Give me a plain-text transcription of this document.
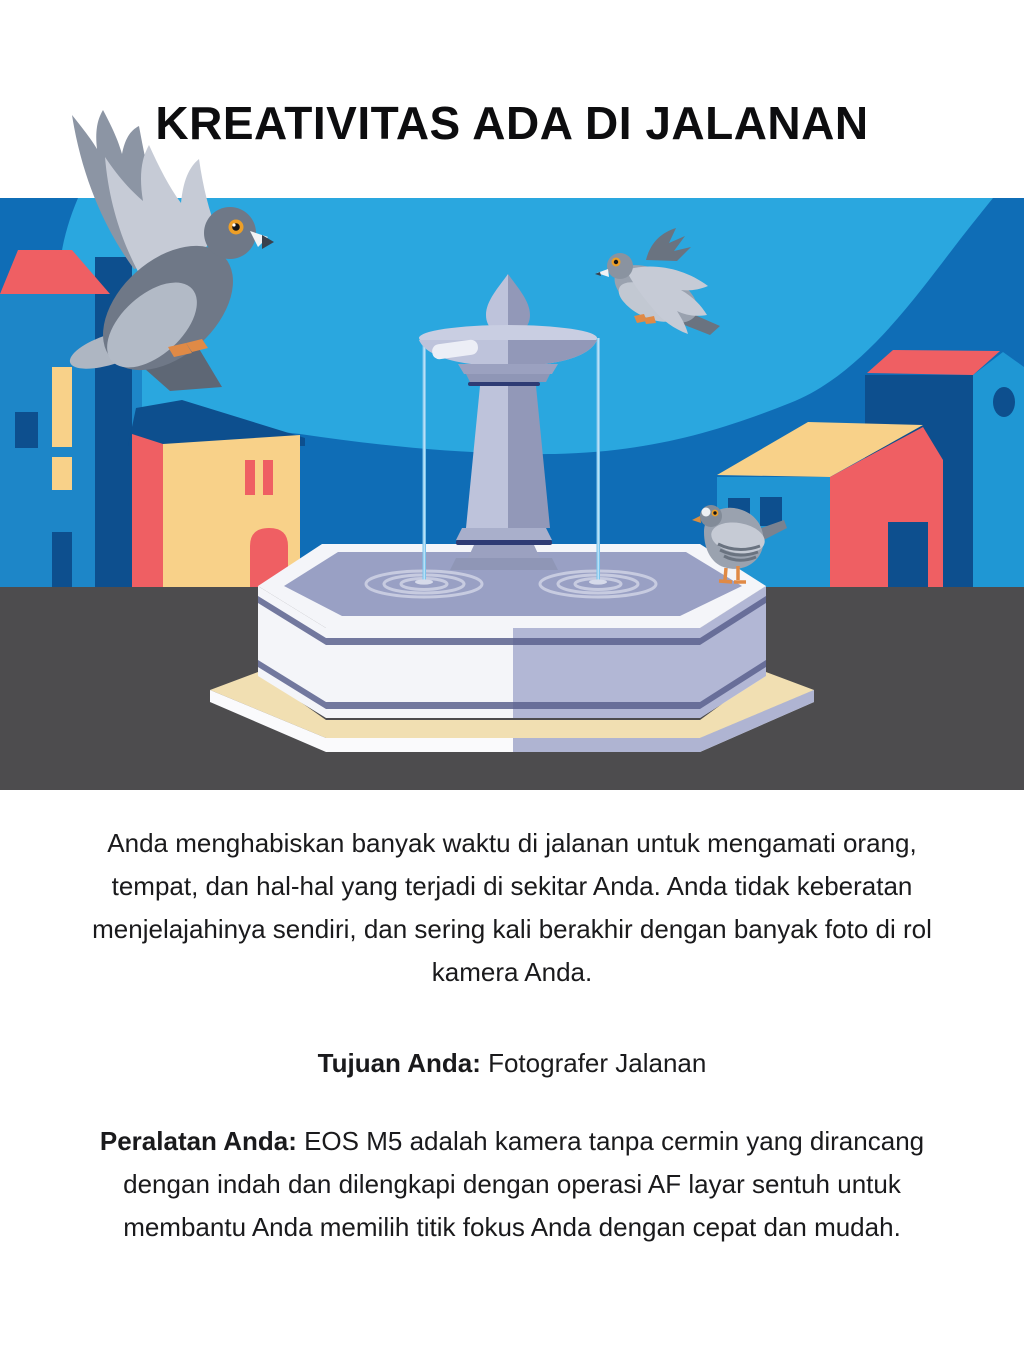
KREATIVITAS ADA DI JALANAN

Anda menghabiskan banyak waktu di jalanan untuk mengamati orang, tempat, dan hal-hal yang terjadi di sekitar Anda. Anda tidak keberatan menjelajahinya sendiri, dan sering kali berakhir dengan banyak foto di rol kamera Anda.

Tujuan Anda: Fotografer Jalanan

Peralatan Anda: EOS M5 adalah kamera tanpa cermin yang dirancang dengan indah dan dilengkapi dengan operasi AF layar sentuh untuk membantu Anda memilih titik fokus Anda dengan cepat dan mudah.
